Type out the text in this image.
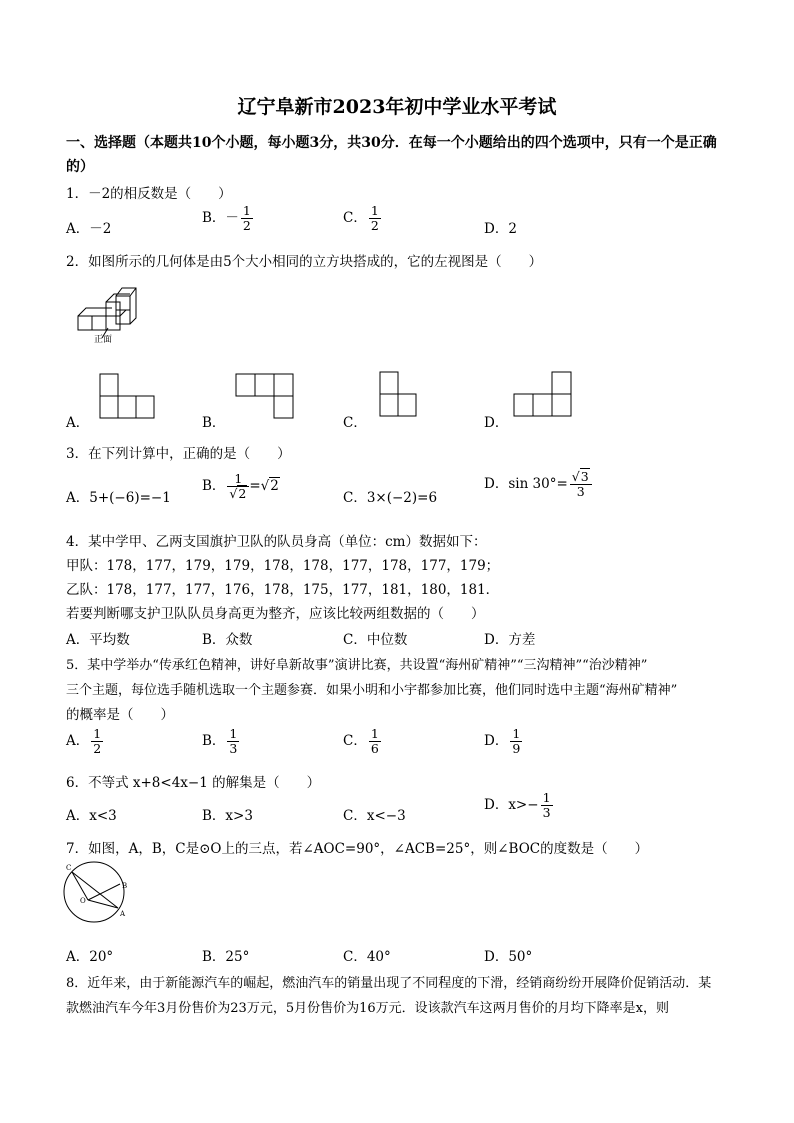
辽宁阜新市2023年初中学业水平考试
一、选择题（本题共10个小题，每小题3分，共30分．在每一个小题给出的四个选项中，只有一个是正确的）
1．－2的相反数是（　　）
A．－2
B．－ $\frac{1}{2}$	C． $\frac{1}{2}$	D．2
2．如图所示的几何体是由5个大小相同的立方块搭成的，它的左视图是（　　）
正面
A．	B．	C．	D．
3．在下列计算中，正确的是（　　）
A．5+(−6)=−1
B． $\frac{1}{√2} =√2$
C．3×(−2)=6
D．$\sin 30^\circ= \frac{√3}{3}$
4．某中学甲、乙两支国旗护卫队的队员身高（单位：cm）数据如下：
甲队：178，177，179，179，178，178，177，178，177，179；
乙队：178，177，177，176，178，175，177，181，180，181．
若要判断哪支护卫队队员身高更为整齐，应该比较两组数据的（　　）
A．平均数	B．众数	C．中位数	D．方差
5．某中学举办“传承红色精神，讲好阜新故事”演讲比赛，共设置“海州矿精神”“三沟精神”“治沙精神”
三个主题，每位选手随机选取一个主题参赛．如果小明和小宇都参加比赛，他们同时选中主题“海州矿精神”
的概率是（　　）
A． $\frac{1}{2}$	B． $\frac{1}{3}$	C． $\frac{1}{6}$	D． $\frac{1}{9}$
6．不等式 x+8<4x−1 的解集是（　　）
A．x<3	B．x>3	C．x<−3
D．$x>- \frac{1}{3}$
7．如图，A，B，C是⊙O上的三点，若∠AOC=90°，∠ACB=25°，则∠BOC的度数是（　　）
O
B
A
C
A．20°	B．25°	C．40°	D．50°
8．近年来，由于新能源汽车的崛起，燃油汽车的销量出现了不同程度的下滑，经销商纷纷开展降价促销活动．某
款燃油汽车今年3月份售价为23万元，5月份售价为16万元．设该款汽车这两月售价的月均下降率是x，则
